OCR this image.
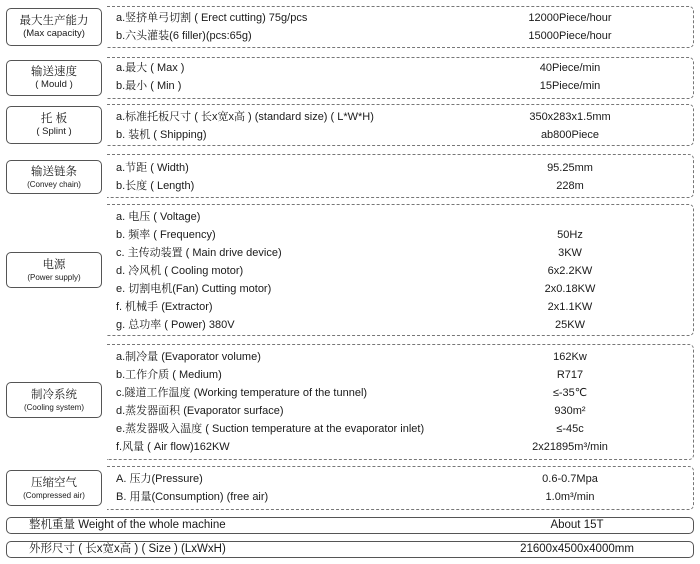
最大生产能力
(Max capacity)
a.竖挤单弓切割 ( Erect cutting) 75g/pcs	12000Piece/hour
b.六头灌装(6 filler)(pcs:65g)	15000Piece/hour
输送速度
( Mould )
a.最大 ( Max )	40Piece/min
b.最小 ( Min )	15Piece/min
托 板
( Splint )
a.标准托板尺寸 ( 长x宽x高 ) (standard size) ( L*W*H)	350x283x1.5mm
b. 装机 ( Shipping)	ab800Piece
输送链条
(Convey chain)
a.节距 ( Width)	95.25mm
b.长度 ( Length)	228m
电源
(Power supply)
a. 电压 ( Voltage)
b. 频率 ( Frequency)	50Hz
c. 主传动装置 ( Main drive device)	3KW
d. 冷风机 ( Cooling motor)	6x2.2KW
e. 切割电机(Fan) Cutting motor)	2x0.18KW
f. 机械手 (Extractor)	2x1.1KW
g. 总功率 ( Power) 380V	25KW
制冷系统
(Cooling system)
a.制冷量 (Evaporator volume)	162Kw
b.工作介质 ( Medium)	R717
c.隧道工作温度 (Working temperature of the tunnel)	≤-35℃
d.蒸发器面积 (Evaporator surface)	930m²
e.蒸发器吸入温度 ( Suction temperature at the evaporator inlet)	≤-45c
f.风量 ( Air flow)162KW	2x21895m³/min
压缩空气
(Compressed air)
A. 压力(Pressure)	0.6-0.7Mpa
B. 用量(Consumption) (free air)	1.0m³/min
整机重量 Weight of the whole machine	About 15T
外形尺寸 ( 长x宽x高 ) ( Size ) (LxWxH)	21600x4500x4000mm
